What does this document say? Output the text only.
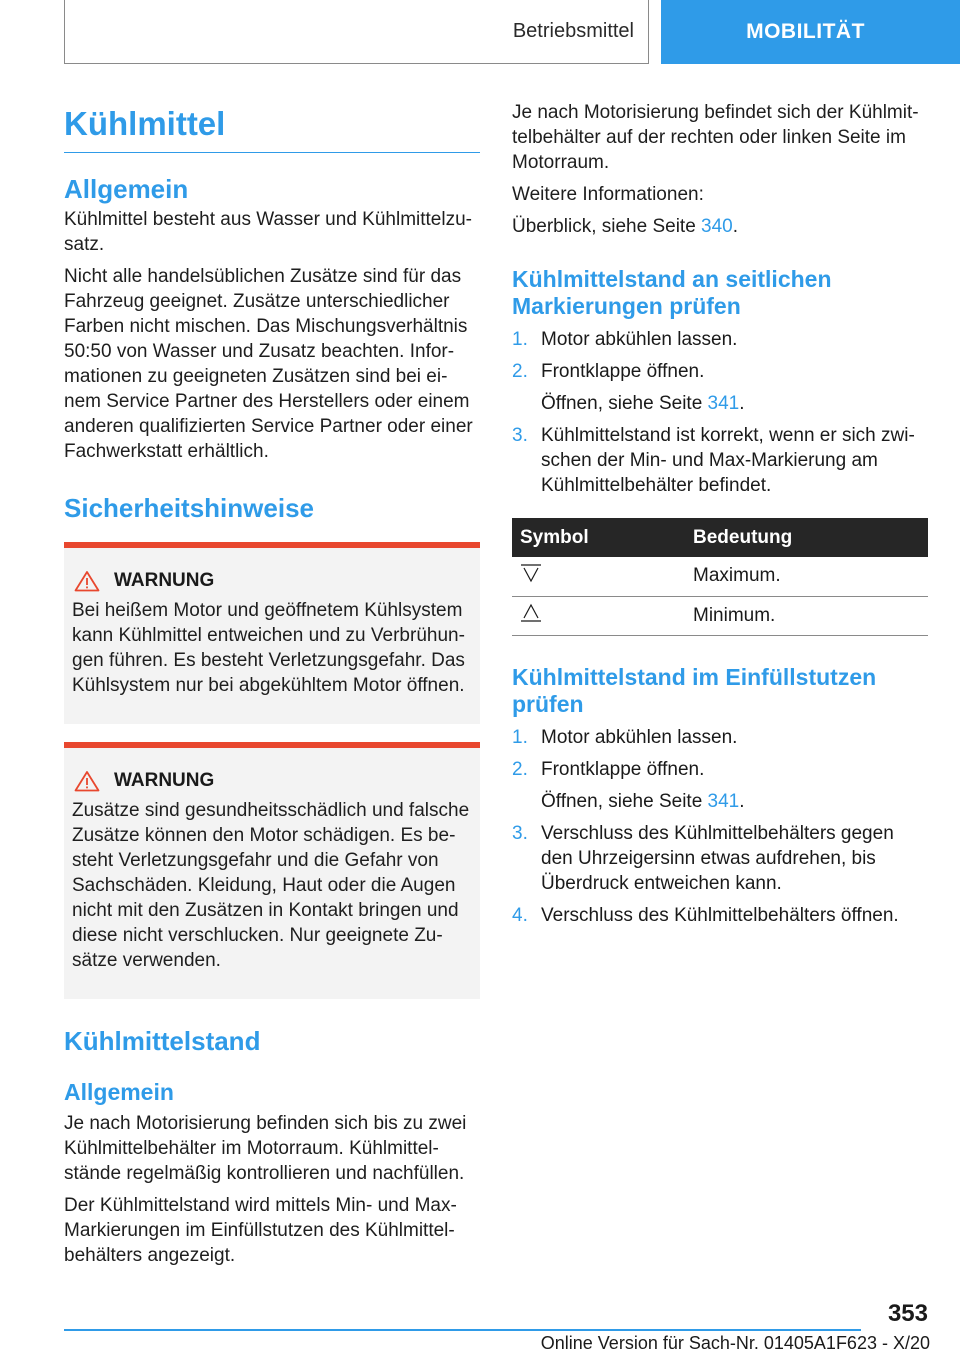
Betriebsmittel	MOBILITÄT
Kühlmittel
Allgemein

Kühlmittel besteht aus Wasser und Kühlmittelzu-satz.

Nicht alle handelsüblichen Zusätze sind für das Fahrzeug geeignet. Zusätze unterschiedlicher Farben nicht mischen. Das Mischungsverhältnis 50:50 von Wasser und Zusatz beachten. Infor-mationen zu geeigneten Zusätzen sind bei ei-nem Service Partner des Herstellers oder einem anderen qualifizierten Service Partner oder einer Fachwerkstatt erhältlich.

Sicherheitshinweise
WARNUNG

Bei heißem Motor und geöffnetem Kühlsystem kann Kühlmittel entweichen und zu Verbrühun-gen führen. Es besteht Verletzungsgefahr. Das Kühlsystem nur bei abgekühltem Motor öffnen.

WARNUNG

Zusätze sind gesundheitsschädlich und falsche Zusätze können den Motor schädigen. Es be-steht Verletzungsgefahr und die Gefahr von Sachschäden. Kleidung, Haut oder die Augen nicht mit den Zusätzen in Kontakt bringen und diese nicht verschlucken. Nur geeignete Zu-sätze verwenden.

Kühlmittelstand
Allgemein

Je nach Motorisierung befinden sich bis zu zwei Kühlmittelbehälter im Motorraum. Kühlmittel-stände regelmäßig kontrollieren und nachfüllen.

Der Kühlmittelstand wird mittels Min- und Max-Markierungen im Einfüllstutzen des Kühlmittel-behälters angezeigt.

Je nach Motorisierung befindet sich der Kühlmit-telbehälter auf der rechten oder linken Seite im Motorraum.

Weitere Informationen:

Überblick, siehe Seite 340.

Kühlmittelstand an seitlichen Markierungen prüfen
1. Motor abkühlen lassen.
2. Frontklappe öffnen.
Öffnen, siehe Seite 341.
3. Kühlmittelstand ist korrekt, wenn er sich zwi-schen der Min- und Max-Markierung am Kühlmittelbehälter befindet.
Symbol	Bedeutung
	Maximum.
	Minimum.
Kühlmittelstand im Einfüllstutzen prüfen
1. Motor abkühlen lassen.
2. Frontklappe öffnen.
Öffnen, siehe Seite 341.
3. Verschluss des Kühlmittelbehälters gegen den Uhrzeigersinn etwas aufdrehen, bis Überdruck entweichen kann.
4. Verschluss des Kühlmittelbehälters öffnen.
353
Online Version für Sach-Nr. 01405A1F623 - X/20
